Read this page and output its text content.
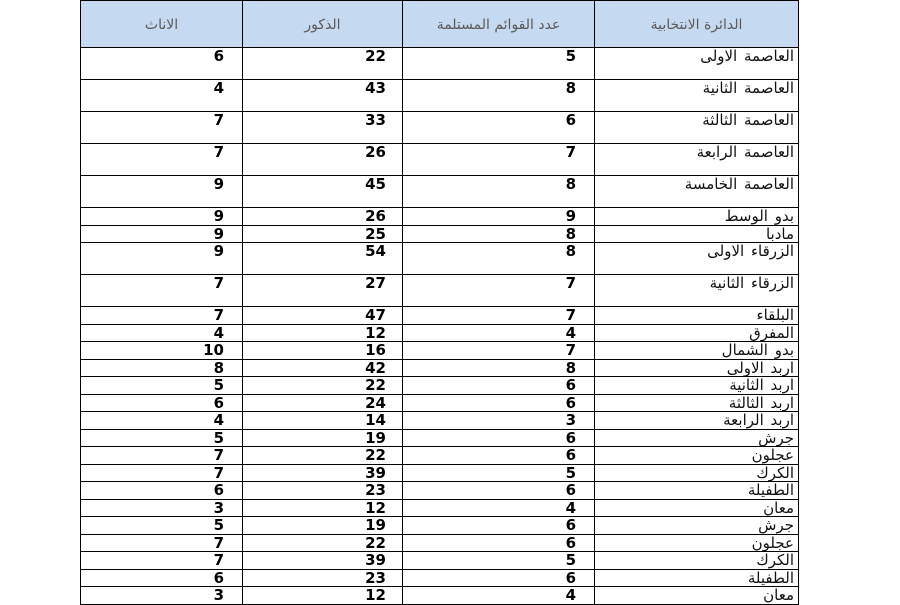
الاناث	الذكور	عدد القوائم المستلمة	الدائرة الانتخابية
6	22	5	العاصمة الاولى
4	43	8	العاصمة الثانية
7	33	6	العاصمة الثالثة
7	26	7	العاصمة الرابعة
9	45	8	العاصمة الخامسة
9	26	9	بدو الوسط
9	25	8	مادبا
9	54	8	الزرقاء الاولى
7	27	7	الزرقاء الثانية
7	47	7	البلقاء
4	12	4	المفرق
10	16	7	بدو الشمال
8	42	8	اربد الاولى
5	22	6	اربد الثانية
6	24	6	اربد الثالثة
4	14	3	اربد الرابعة
5	19	6	جرش
7	22	6	عجلون
7	39	5	الكرك
6	23	6	الطفيلة
3	12	4	معان
5	19	6	جرش
7	22	6	عجلون
7	39	5	الكرك
6	23	6	الطفيلة
3	12	4	معان
